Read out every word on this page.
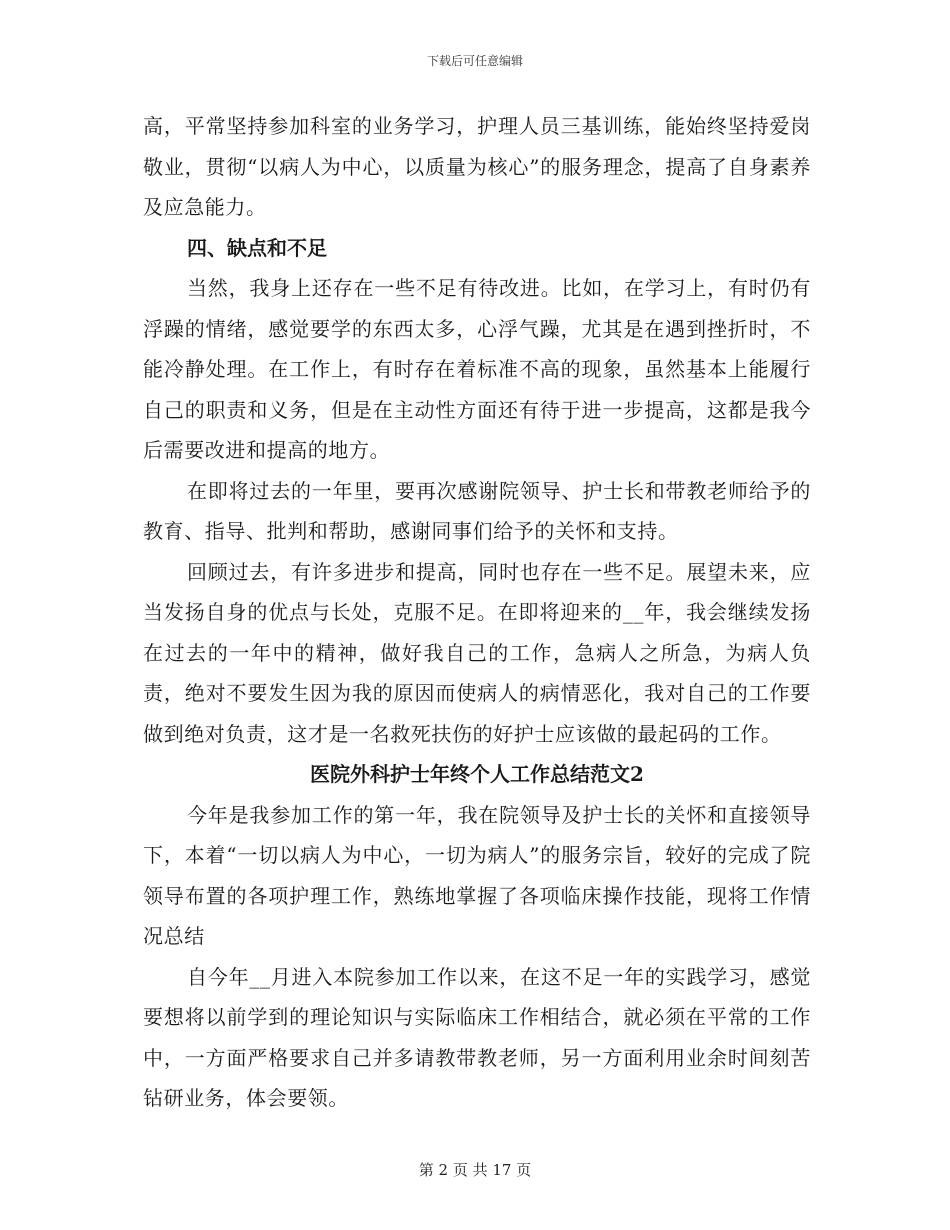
下载后可任意编辑

高，平常坚持参加科室的业务学习，护理人员三基训练，能始终坚持爱岗敬业，贯彻“以病人为中心，以质量为核心”的服务理念，提高了自身素养及应急能力。

四、缺点和不足

当然，我身上还存在一些不足有待改进。比如，在学习上，有时仍有浮躁的情绪，感觉要学的东西太多，心浮气躁，尤其是在遇到挫折时，不能冷静处理。在工作上，有时存在着标准不高的现象，虽然基本上能履行自己的职责和义务，但是在主动性方面还有待于进一步提高，这都是我今后需要改进和提高的地方。

在即将过去的一年里，要再次感谢院领导、护士长和带教老师给予的教育、指导、批判和帮助，感谢同事们给予的关怀和支持。

回顾过去，有许多进步和提高，同时也存在一些不足。展望未来，应当发扬自身的优点与长处，克服不足。在即将迎来的__年，我会继续发扬在过去的一年中的精神，做好我自己的工作，急病人之所急，为病人负责，绝对不要发生因为我的原因而使病人的病情恶化，我对自己的工作要做到绝对负责，这才是一名救死扶伤的好护士应该做的最起码的工作。

医院外科护士年终个人工作总结范文2

今年是我参加工作的第一年，我在院领导及护士长的关怀和直接领导下，本着“一切以病人为中心，一切为病人”的服务宗旨，较好的完成了院领导布置的各项护理工作，熟练地掌握了各项临床操作技能，现将工作情况总结

自今年__月进入本院参加工作以来，在这不足一年的实践学习，感觉要想将以前学到的理论知识与实际临床工作相结合，就必须在平常的工作中，一方面严格要求自己并多请教带教老师，另一方面利用业余时间刻苦钻研业务，体会要领。

第 2 页 共 17 页
